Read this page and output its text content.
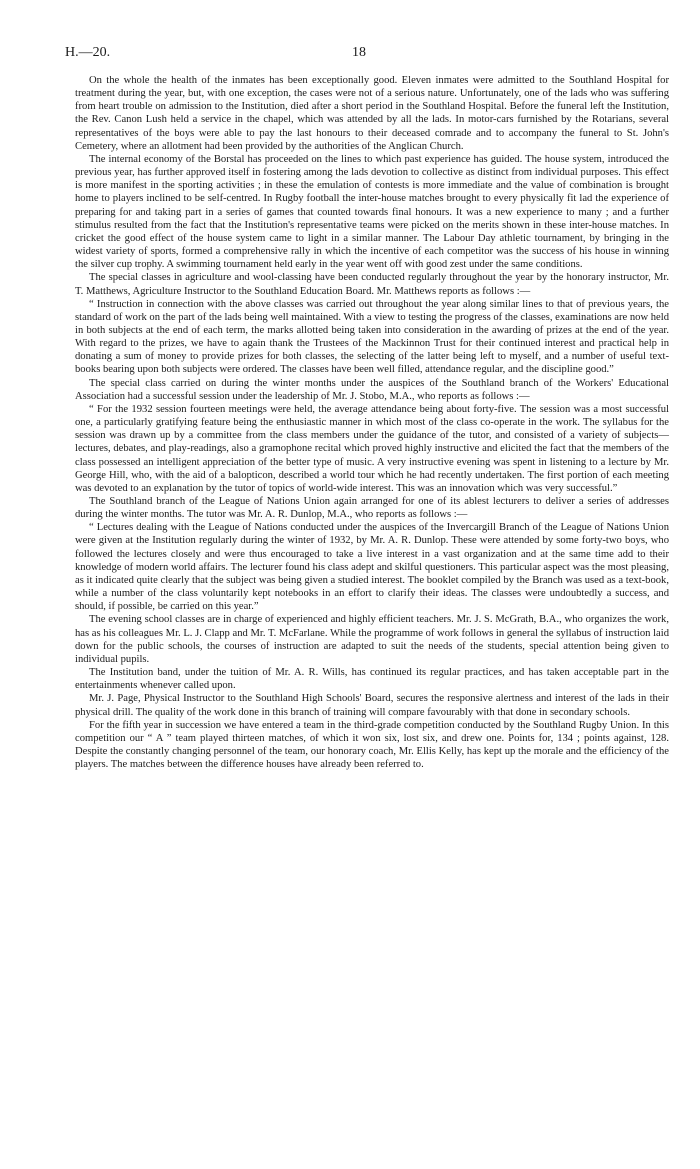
H.—20.	18

On the whole the health of the inmates has been exceptionally good. Eleven inmates were admitted to the Southland Hospital for treatment during the year, but, with one exception, the cases were not of a serious nature. Unfortunately, one of the lads who was suffering from heart trouble on admission to the Institution, died after a short period in the Southland Hospital. Before the funeral left the Institution, the Rev. Canon Lush held a service in the chapel, which was attended by all the lads. In motor-cars furnished by the Rotarians, several representatives of the boys were able to pay the last honours to their deceased comrade and to accompany the funeral to St. John's Cemetery, where an allotment had been provided by the authorities of the Anglican Church.

The internal economy of the Borstal has proceeded on the lines to which past experience has guided. The house system, introduced the previous year, has further approved itself in fostering among the lads devotion to collective as distinct from individual purposes. This effect is more manifest in the sporting activities ; in these the emulation of contests is more immediate and the value of combination is brought home to players inclined to be self-centred. In Rugby football the inter-house matches brought to every physically fit lad the experience of preparing for and taking part in a series of games that counted towards final honours. It was a new experience to many ; and a further stimulus resulted from the fact that the Institution's representative teams were picked on the merits shown in these inter-house matches. In cricket the good effect of the house system came to light in a similar manner. The Labour Day athletic tournament, by bringing in the widest variety of sports, formed a comprehensive rally in which the incentive of each competitor was the success of his house in winning the silver cup trophy. A swimming tournament held early in the year went off with good zest under the same conditions.

The special classes in agriculture and wool-classing have been conducted regularly throughout the year by the honorary instructor, Mr. T. Matthews, Agriculture Instructor to the Southland Education Board. Mr. Matthews reports as follows :—

“ Instruction in connection with the above classes was carried out throughout the year along similar lines to that of previous years, the standard of work on the part of the lads being well maintained. With a view to testing the progress of the classes, examinations are now held in both subjects at the end of each term, the marks allotted being taken into consideration in the awarding of prizes at the end of the year. With regard to the prizes, we have to again thank the Trustees of the Mackinnon Trust for their continued interest and practical help in donating a sum of money to provide prizes for both classes, the selecting of the latter being left to myself, and a number of useful text-books bearing upon both subjects were ordered. The classes have been well filled, attendance regular, and the discipline good.”

The special class carried on during the winter months under the auspices of the Southland branch of the Workers' Educational Association had a successful session under the leadership of Mr. J. Stobo, M.A., who reports as follows :—

“ For the 1932 session fourteen meetings were held, the average attendance being about forty-five. The session was a most successful one, a particularly gratifying feature being the enthusiastic manner in which most of the class co-operate in the work. The syllabus for the session was drawn up by a committee from the class members under the guidance of the tutor, and consisted of a variety of subjects—lectures, debates, and play-readings, also a gramophone recital which proved highly instructive and elicited the fact that the members of the class possessed an intelligent appreciation of the better type of music. A very instructive evening was spent in listening to a lecture by Mr. George Hill, who, with the aid of a balopticon, described a world tour which he had recently undertaken. The first portion of each meeting was devoted to an explanation by the tutor of topics of world-wide interest. This was an innovation which was very successful.”

The Southland branch of the League of Nations Union again arranged for one of its ablest lecturers to deliver a series of addresses during the winter months. The tutor was Mr. A. R. Dunlop, M.A., who reports as follows :—

“ Lectures dealing with the League of Nations conducted under the auspices of the Invercargill Branch of the League of Nations Union were given at the Institution regularly during the winter of 1932, by Mr. A. R. Dunlop. These were attended by some forty-two boys, who followed the lectures closely and were thus encouraged to take a live interest in a vast organization and at the same time add to their knowledge of modern world affairs. The lecturer found his class adept and skilful questioners. This particular aspect was the most pleasing, as it indicated quite clearly that the subject was being given a studied interest. The booklet compiled by the Branch was used as a text-book, while a number of the class voluntarily kept notebooks in an effort to clarify their ideas. The classes were undoubtedly a success, and should, if possible, be carried on this year.”

The evening school classes are in charge of experienced and highly efficient teachers. Mr. J. S. McGrath, B.A., who organizes the work, has as his colleagues Mr. L. J. Clapp and Mr. T. McFarlane. While the programme of work follows in general the syllabus of instruction laid down for the public schools, the courses of instruction are adapted to suit the needs of the students, special attention being given to individual pupils.

The Institution band, under the tuition of Mr. A. R. Wills, has continued its regular practices, and has taken acceptable part in the entertainments whenever called upon.

Mr. J. Page, Physical Instructor to the Southland High Schools' Board, secures the responsive alertness and interest of the lads in their physical drill. The quality of the work done in this branch of training will compare favourably with that done in secondary schools.

For the fifth year in succession we have entered a team in the third-grade competition conducted by the Southland Rugby Union. In this competition our “ A ” team played thirteen matches, of which it won six, lost six, and drew one. Points for, 134 ; points against, 128. Despite the constantly changing personnel of the team, our honorary coach, Mr. Ellis Kelly, has kept up the morale and the efficiency of the players. The matches between the difference houses have already been referred to.
